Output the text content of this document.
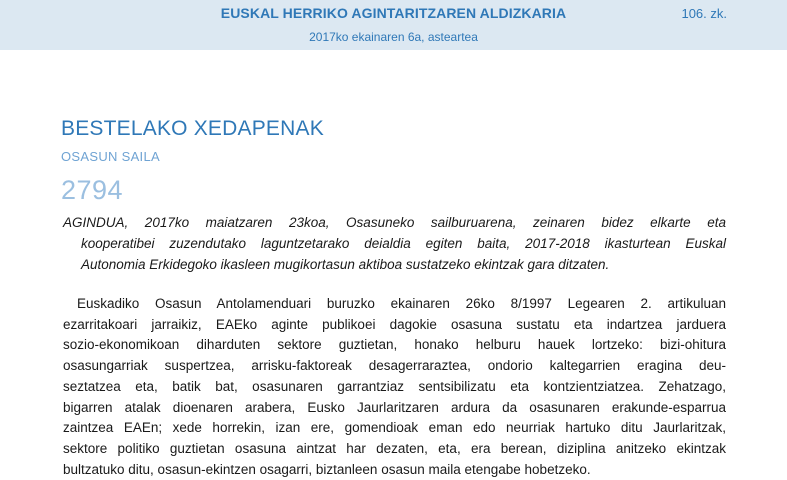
EUSKAL HERRIKO AGINTARITZAREN ALDIZKARIA	106. zk.
2017ko ekainaren 6a, asteartea
BESTELAKO XEDAPENAK
OSASUN SAILA
2794
AGINDUA, 2017ko maiatzaren 23koa, Osasuneko sailburuarena, zeinaren bidez elkarte eta
kooperatibei zuzendutako laguntzetarako deialdia egiten baita, 2017-2018 ikasturtean Euskal
Autonomia Erkidegoko ikasleen mugikortasun aktiboa sustatzeko ekintzak gara ditzaten.
Euskadiko Osasun Antolamenduari buruzko ekainaren 26ko 8/1997 Legearen 2. artikuluan
ezarritakoari jarraikiz, EAEko aginte publikoei dagokie osasuna sustatu eta indartzea jarduera
sozio-ekonomikoan diharduten sektore guztietan, honako helburu hauek lortzeko: bizi-ohitura
osasungarriak suspertzea, arrisku-faktoreak desagerraraztea, ondorio kaltegarrien eragina deu-
seztatzea eta, batik bat, osasunaren garrantziaz sentsibilizatu eta kontzientziatzea. Zehatzago,
bigarren atalak dioenaren arabera, Eusko Jaurlaritzaren ardura da osasunaren erakunde-esparrua
zaintzea EAEn; xede horrekin, izan ere, gomendioak eman edo neurriak hartuko ditu Jaurlaritzak,
sektore politiko guztietan osasuna aintzat har dezaten, eta, era berean, diziplina anitzeko ekintzak
bultzatuko ditu, osasun-ekintzen osagarri, biztanleen osasun maila etengabe hobetzeko.
